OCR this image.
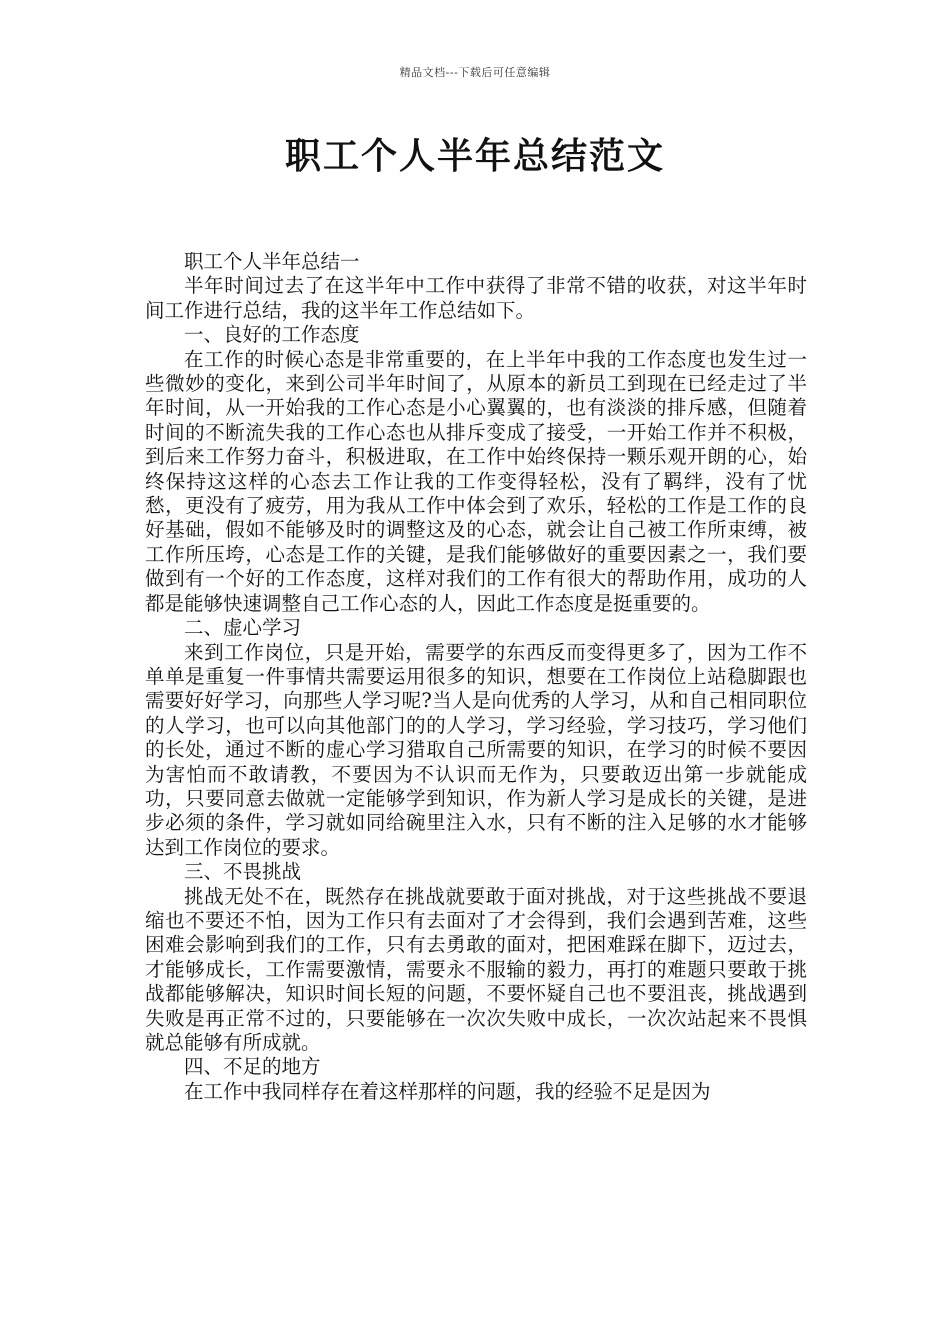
精品文档---下载后可任意编辑
职工个人半年总结范文

职工个人半年总结一

半年时间过去了在这半年中工作中获得了非常不错的收获，对这半年时间工作进行总结，我的这半年工作总结如下。

一、良好的工作态度

在工作的时候心态是非常重要的，在上半年中我的工作态度也发生过一些微妙的变化，来到公司半年时间了，从原本的新员工到现在已经走过了半年时间，从一开始我的工作心态是小心翼翼的，也有淡淡的排斥感，但随着时间的不断流失我的工作心态也从排斥变成了接受，一开始工作并不积极，到后来工作努力奋斗，积极进取，在工作中始终保持一颗乐观开朗的心，始终保持这这样的心态去工作让我的工作变得轻松，没有了羁绊，没有了忧愁，更没有了疲劳，用为我从工作中体会到了欢乐，轻松的工作是工作的良好基础，假如不能够及时的调整这及的心态，就会让自己被工作所束缚，被工作所压垮，心态是工作的关键，是我们能够做好的重要因素之一，我们要做到有一个好的工作态度，这样对我们的工作有很大的帮助作用，成功的人都是能够快速调整自己工作心态的人，因此工作态度是挺重要的。

二、虚心学习

来到工作岗位，只是开始，需要学的东西反而变得更多了，因为工作不单单是重复一件事情共需要运用很多的知识，想要在工作岗位上站稳脚跟也需要好好学习，向那些人学习呢?当人是向优秀的人学习，从和自己相同职位的人学习，也可以向其他部门的的人学习，学习经验，学习技巧，学习他们的长处，通过不断的虚心学习猎取自己所需要的知识，在学习的时候不要因为害怕而不敢请教，不要因为不认识而无作为，只要敢迈出第一步就能成功，只要同意去做就一定能够学到知识，作为新人学习是成长的关键，是进步必须的条件，学习就如同给碗里注入水，只有不断的注入足够的水才能够达到工作岗位的要求。

三、不畏挑战

挑战无处不在，既然存在挑战就要敢于面对挑战，对于这些挑战不要退缩也不要还不怕，因为工作只有去面对了才会得到，我们会遇到苦难，这些困难会影响到我们的工作，只有去勇敢的面对，把困难踩在脚下，迈过去，才能够成长，工作需要激情，需要永不服输的毅力，再打的难题只要敢于挑战都能够解决，知识时间长短的问题，不要怀疑自己也不要沮丧，挑战遇到失败是再正常不过的，只要能够在一次次失败中成长，一次次站起来不畏惧就总能够有所成就。

四、不足的地方

在工作中我同样存在着这样那样的问题，我的经验不足是因为
